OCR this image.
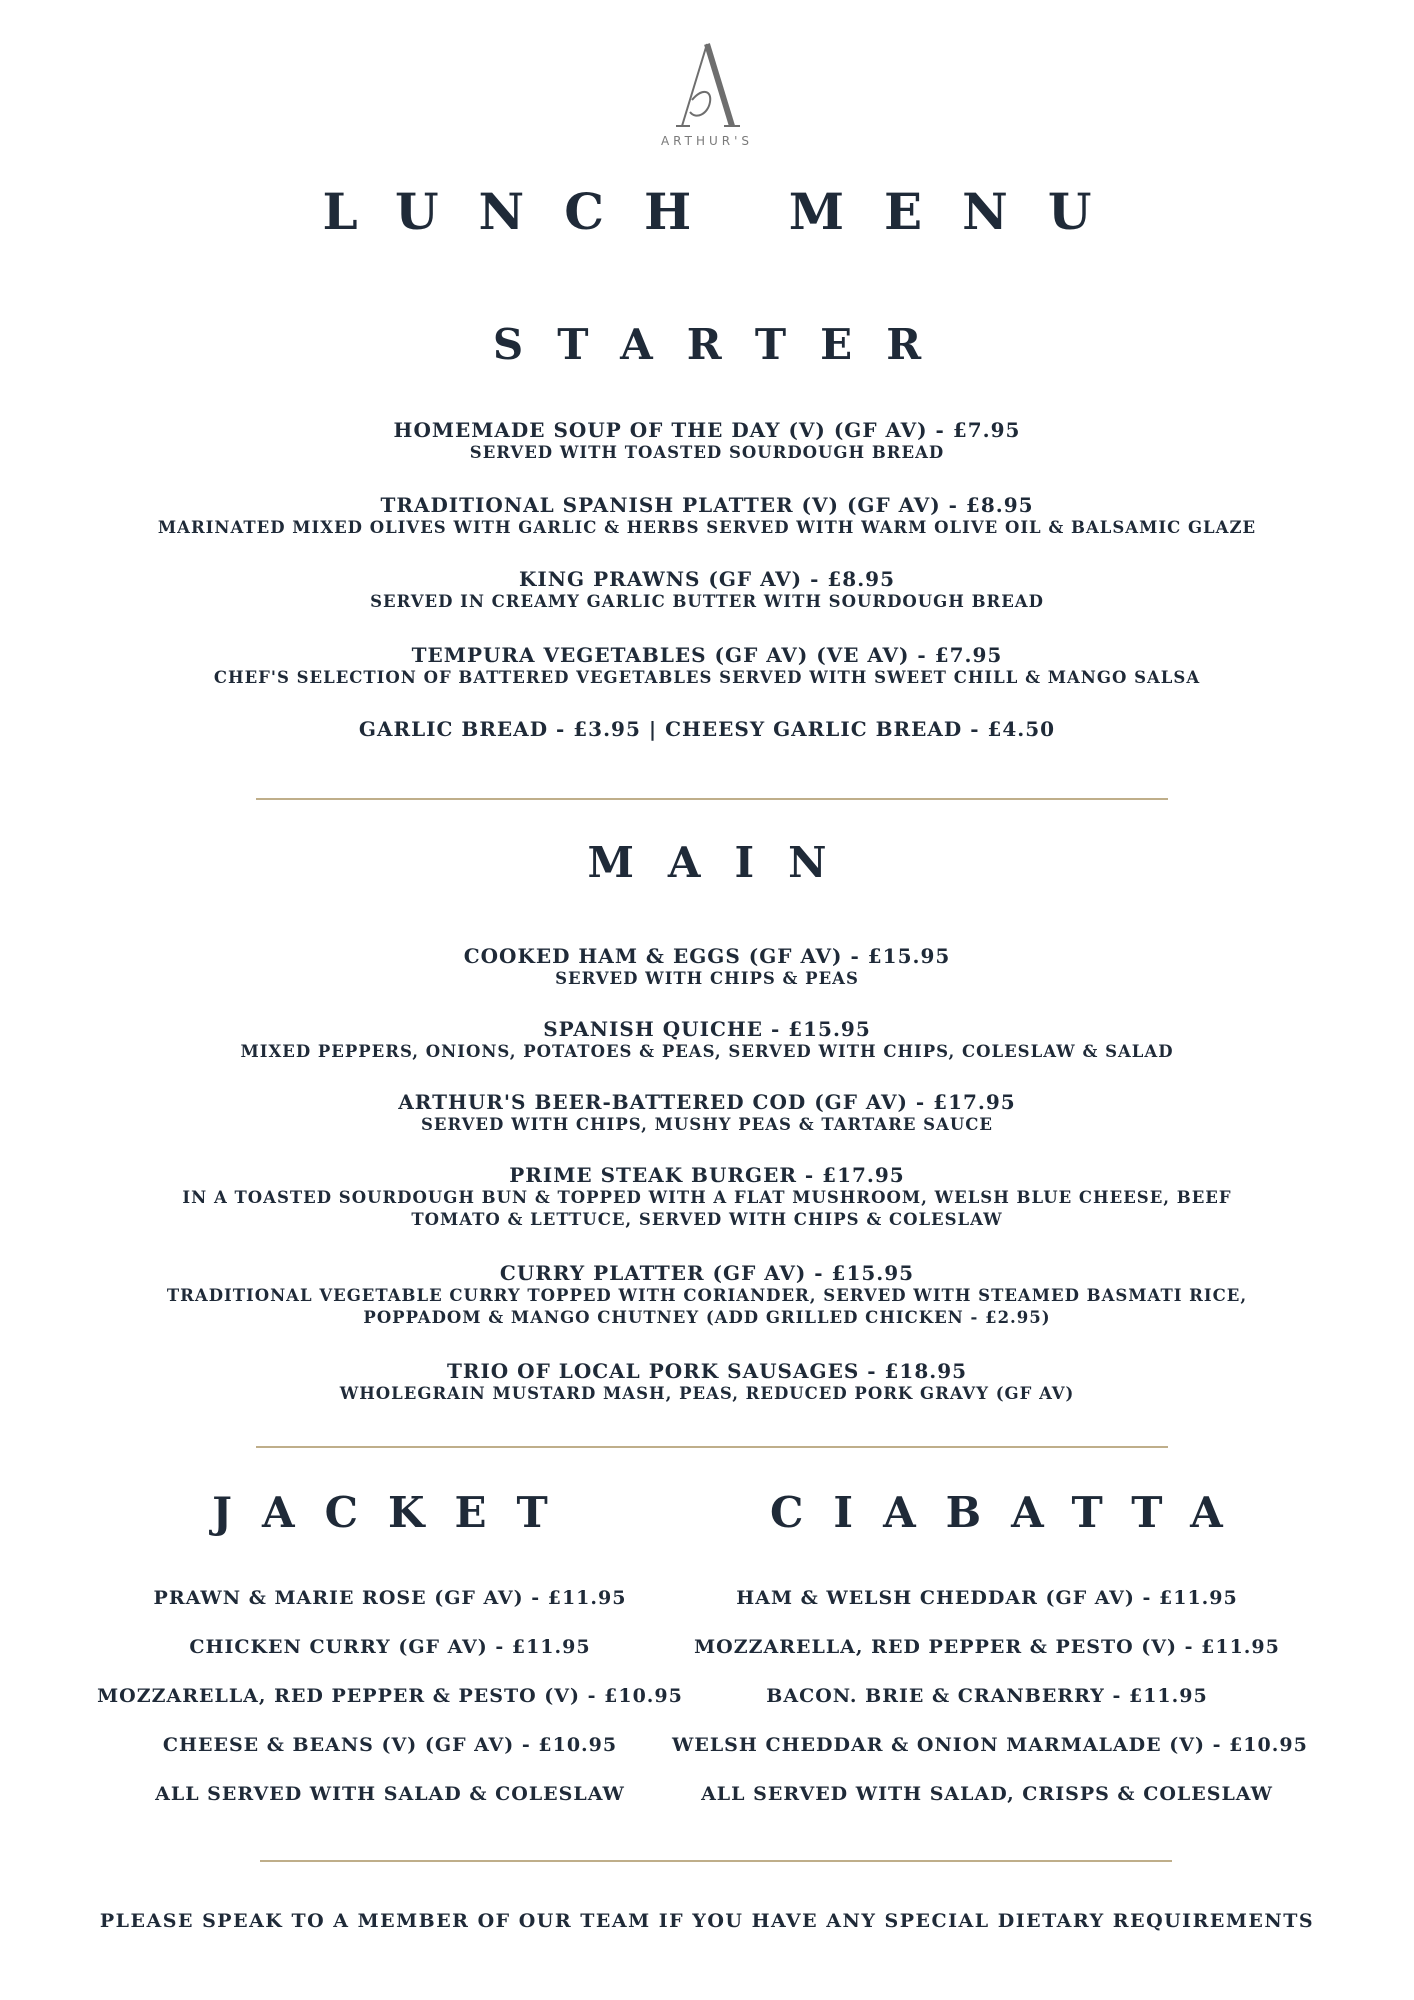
ARTHUR'S
LUNCH MENU
STARTER
HOMEMADE SOUP OF THE DAY (V) (GF AV) - £7.95
SERVED WITH TOASTED SOURDOUGH BREAD
TRADITIONAL SPANISH PLATTER (V) (GF AV) - £8.95
MARINATED MIXED OLIVES WITH GARLIC & HERBS SERVED WITH WARM OLIVE OIL & BALSAMIC GLAZE
KING PRAWNS (GF AV) - £8.95
SERVED IN CREAMY GARLIC BUTTER WITH SOURDOUGH BREAD
TEMPURA VEGETABLES (GF AV) (VE AV) - £7.95
CHEF'S SELECTION OF BATTERED VEGETABLES SERVED WITH SWEET CHILL & MANGO SALSA
GARLIC BREAD - £3.95 | CHEESY GARLIC BREAD - £4.50
MAIN
COOKED HAM & EGGS (GF AV) - £15.95
SERVED WITH CHIPS & PEAS
SPANISH QUICHE - £15.95
MIXED PEPPERS, ONIONS, POTATOES & PEAS, SERVED WITH CHIPS, COLESLAW & SALAD
ARTHUR'S BEER-BATTERED COD (GF AV) - £17.95
SERVED WITH CHIPS, MUSHY PEAS & TARTARE SAUCE
PRIME STEAK BURGER - £17.95
IN A TOASTED SOURDOUGH BUN & TOPPED WITH A FLAT MUSHROOM, WELSH BLUE CHEESE, BEEF
TOMATO & LETTUCE, SERVED WITH CHIPS & COLESLAW
CURRY PLATTER (GF AV) - £15.95
TRADITIONAL VEGETABLE CURRY TOPPED WITH CORIANDER, SERVED WITH STEAMED BASMATI RICE,
POPPADOM & MANGO CHUTNEY (ADD GRILLED CHICKEN - £2.95)
TRIO OF LOCAL PORK SAUSAGES - £18.95
WHOLEGRAIN MUSTARD MASH, PEAS, REDUCED PORK GRAVY (GF AV)
JACKET
PRAWN & MARIE ROSE (GF AV) - £11.95
CHICKEN CURRY (GF AV) - £11.95
MOZZARELLA, RED PEPPER & PESTO (V) - £10.95
CHEESE & BEANS (V) (GF AV) - £10.95
ALL SERVED WITH SALAD & COLESLAW
CIABATTA
HAM & WELSH CHEDDAR (GF AV) - £11.95
MOZZARELLA, RED PEPPER & PESTO (V) - £11.95
BACON. BRIE & CRANBERRY - £11.95
WELSH CHEDDAR & ONION MARMALADE (V) - £10.95
ALL SERVED WITH SALAD, CRISPS & COLESLAW
PLEASE SPEAK TO A MEMBER OF OUR TEAM IF YOU HAVE ANY SPECIAL DIETARY REQUIREMENTS
